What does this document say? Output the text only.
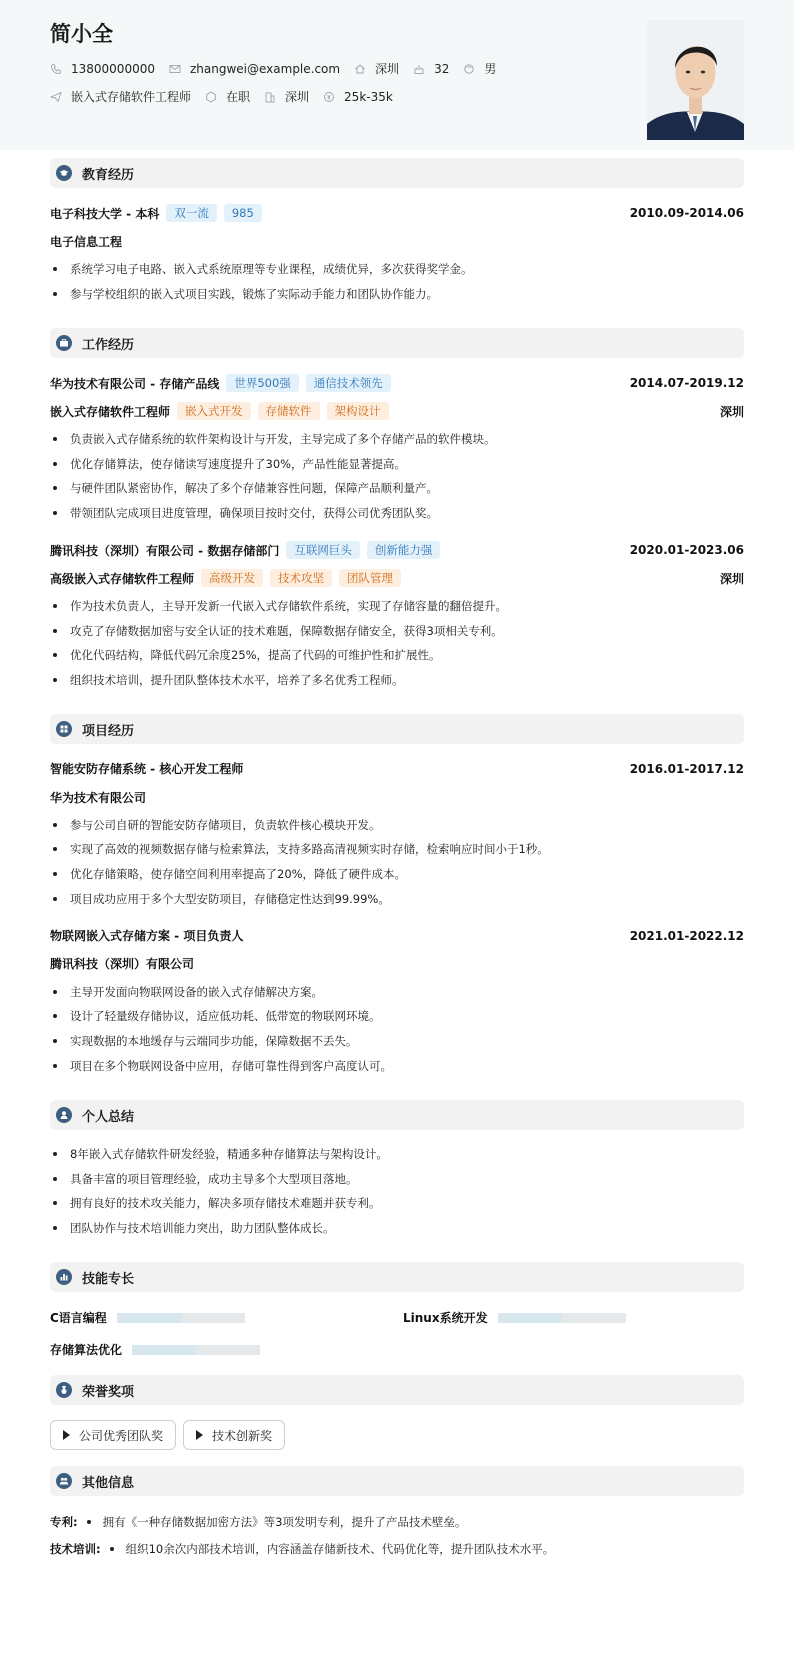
简小全
13800000000	zhangwei@example.com	深圳	32	男
嵌入式存储软件工程师	在职	深圳	25k-35k
教育经历
电子科技大学 - 本科	双一流	985	2010.09-2014.06
电子信息工程
系统学习电子电路、嵌入式系统原理等专业课程，成绩优异，多次获得奖学金。
参与学校组织的嵌入式项目实践，锻炼了实际动手能力和团队协作能力。
工作经历
华为技术有限公司 - 存储产品线	世界500强	通信技术领先	2014.07-2019.12
嵌入式存储软件工程师	嵌入式开发	存储软件	架构设计	深圳
负责嵌入式存储系统的软件架构设计与开发，主导完成了多个存储产品的软件模块。
优化存储算法，使存储读写速度提升了30%，产品性能显著提高。
与硬件团队紧密协作，解决了多个存储兼容性问题，保障产品顺利量产。
带领团队完成项目进度管理，确保项目按时交付，获得公司优秀团队奖。
腾讯科技（深圳）有限公司 - 数据存储部门	互联网巨头	创新能力强	2020.01-2023.06
高级嵌入式存储软件工程师	高级开发	技术攻坚	团队管理	深圳
作为技术负责人，主导开发新一代嵌入式存储软件系统，实现了存储容量的翻倍提升。
攻克了存储数据加密与安全认证的技术难题，保障数据存储安全，获得3项相关专利。
优化代码结构，降低代码冗余度25%，提高了代码的可维护性和扩展性。
组织技术培训，提升团队整体技术水平，培养了多名优秀工程师。
项目经历
智能安防存储系统 - 核心开发工程师	2016.01-2017.12
华为技术有限公司
参与公司自研的智能安防存储项目，负责软件核心模块开发。
实现了高效的视频数据存储与检索算法，支持多路高清视频实时存储，检索响应时间小于1秒。
优化存储策略，使存储空间利用率提高了20%，降低了硬件成本。
项目成功应用于多个大型安防项目，存储稳定性达到99.99%。
物联网嵌入式存储方案 - 项目负责人	2021.01-2022.12
腾讯科技（深圳）有限公司
主导开发面向物联网设备的嵌入式存储解决方案。
设计了轻量级存储协议，适应低功耗、低带宽的物联网环境。
实现数据的本地缓存与云端同步功能，保障数据不丢失。
项目在多个物联网设备中应用，存储可靠性得到客户高度认可。
个人总结
8年嵌入式存储软件研发经验，精通多种存储算法与架构设计。
具备丰富的项目管理经验，成功主导多个大型项目落地。
拥有良好的技术攻关能力，解决多项存储技术难题并获专利。
团队协作与技术培训能力突出，助力团队整体成长。
技能专长
C语言编程	Linux系统开发
存储算法优化
荣誉奖项
公司优秀团队奖	技术创新奖
其他信息
专利: 拥有《一种存储数据加密方法》等3项发明专利，提升了产品技术壁垒。
技术培训: 组织10余次内部技术培训，内容涵盖存储新技术、代码优化等，提升团队技术水平。
